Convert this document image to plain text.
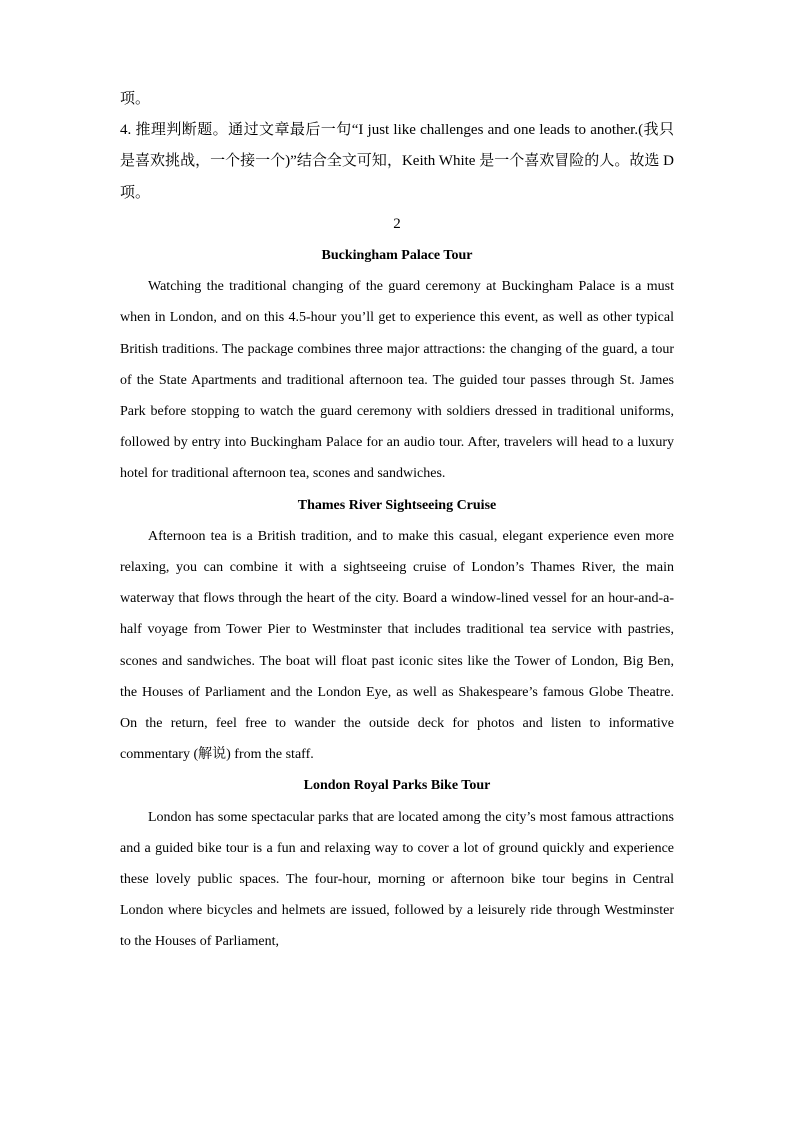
项。

4. 推理判断题。通过文章最后一句“I just like challenges and one leads to another.(我只是喜欢挑战，一个接一个)”结合全文可知，Keith White 是一个喜欢冒险的人。故选 D 项。

2

Buckingham Palace Tour

Watching the traditional changing of the guard ceremony at Buckingham Palace is a must when in London, and on this 4.5-hour you’ll get to experience this event, as well as other typical British traditions. The package combines three major attractions: the changing of the guard, a tour of the State Apartments and traditional afternoon tea. The guided tour passes through St. James Park before stopping to watch the guard ceremony with soldiers dressed in traditional uniforms, followed by entry into Buckingham Palace for an audio tour. After, travelers will head to a luxury hotel for traditional afternoon tea, scones and sandwiches.

Thames River Sightseeing Cruise

Afternoon tea is a British tradition, and to make this casual, elegant experience even more relaxing, you can combine it with a sightseeing cruise of London’s Thames River, the main waterway that flows through the heart of the city. Board a window-lined vessel for an hour-and-a-half voyage from Tower Pier to Westminster that includes traditional tea service with pastries, scones and sandwiches. The boat will float past iconic sites like the Tower of London, Big Ben, the Houses of Parliament and the London Eye, as well as Shakespeare’s famous Globe Theatre. On the return, feel free to wander the outside deck for photos and listen to informative commentary (解说) from the staff.

London Royal Parks Bike Tour

London has some spectacular parks that are located among the city’s most famous attractions and a guided bike tour is a fun and relaxing way to cover a lot of ground quickly and experience these lovely public spaces. The four-hour, morning or afternoon bike tour begins in Central London where bicycles and helmets are issued, followed by a leisurely ride through Westminster to the Houses of Parliament,
